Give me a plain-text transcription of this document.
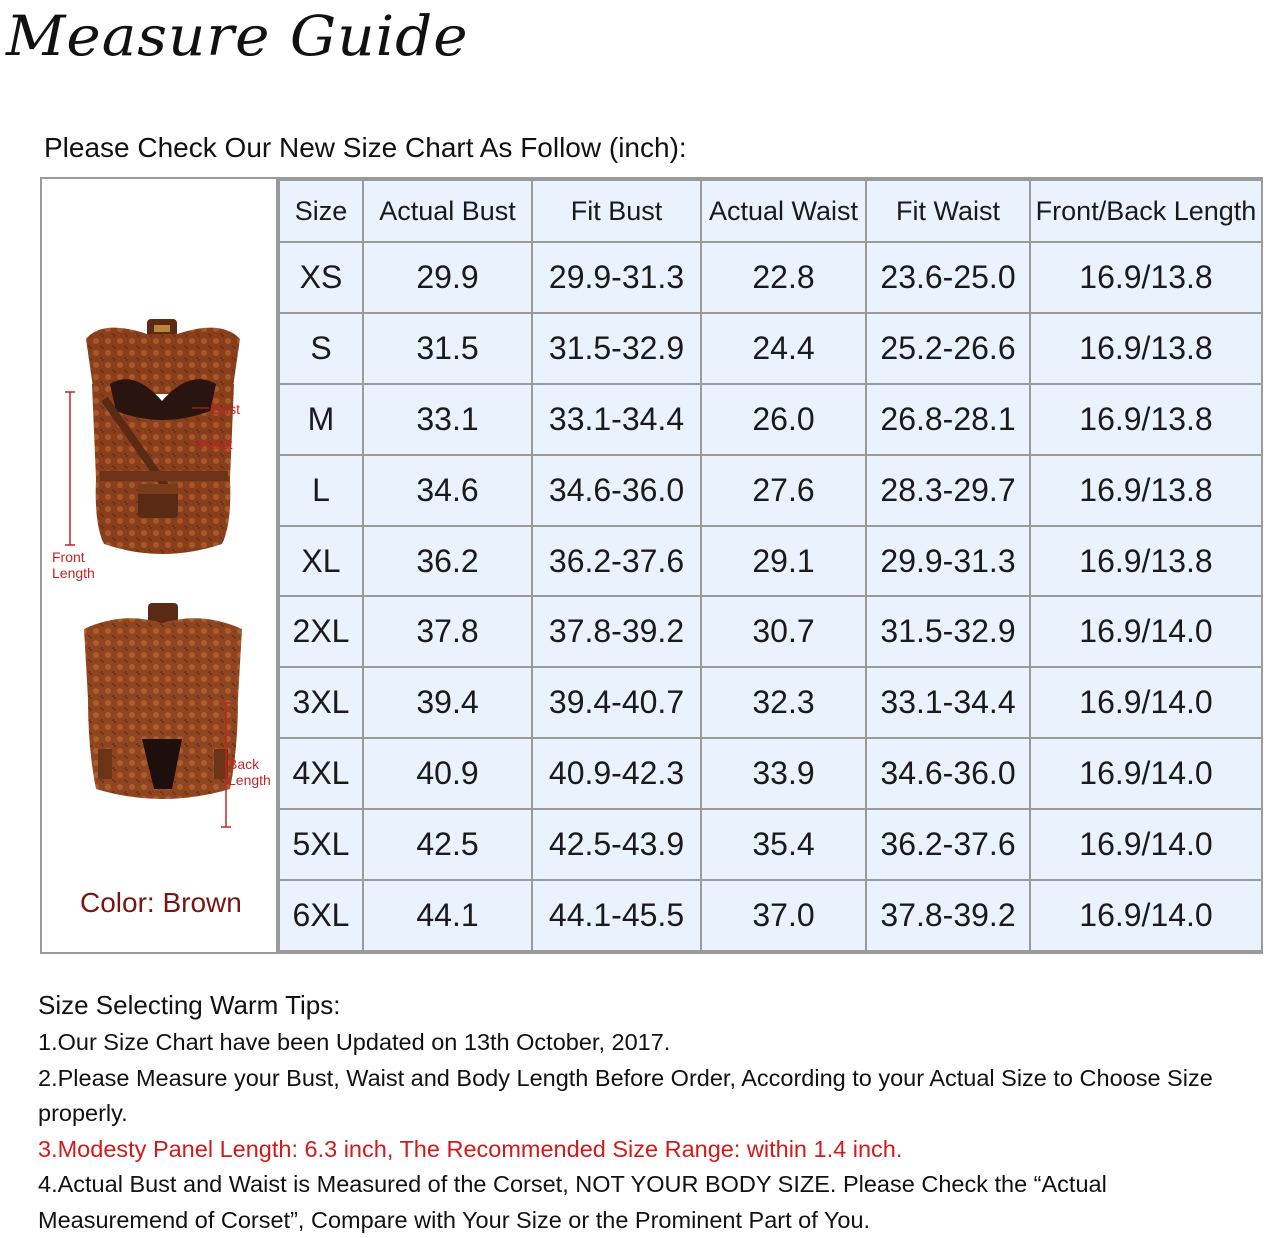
Measure Guide
Please Check Our New Size Chart As Follow (inch):
Bust
Waist
Front
Length
Back
Length
Color: Brown
Size	Actual Bust	Fit Bust	Actual Waist	Fit Waist	Front/Back Length
XS	29.9	29.9-31.3	22.8	23.6-25.0	16.9/13.8
S	31.5	31.5-32.9	24.4	25.2-26.6	16.9/13.8
M	33.1	33.1-34.4	26.0	26.8-28.1	16.9/13.8
L	34.6	34.6-36.0	27.6	28.3-29.7	16.9/13.8
XL	36.2	36.2-37.6	29.1	29.9-31.3	16.9/13.8
2XL	37.8	37.8-39.2	30.7	31.5-32.9	16.9/14.0
3XL	39.4	39.4-40.7	32.3	33.1-34.4	16.9/14.0
4XL	40.9	40.9-42.3	33.9	34.6-36.0	16.9/14.0
5XL	42.5	42.5-43.9	35.4	36.2-37.6	16.9/14.0
6XL	44.1	44.1-45.5	37.0	37.8-39.2	16.9/14.0

Size Selecting Warm Tips:

1.Our Size Chart have been Updated on 13th October, 2017.

2.Please Measure your Bust, Waist and Body Length Before Order, According to your Actual Size to Choose Size properly.

3.Modesty Panel Length: 6.3 inch, The Recommended Size Range: within 1.4 inch.

4.Actual Bust and Waist is Measured of the Corset, NOT YOUR BODY SIZE. Please Check the “Actual Measuremend of Corset”, Compare with Your Size or the Prominent Part of You.
